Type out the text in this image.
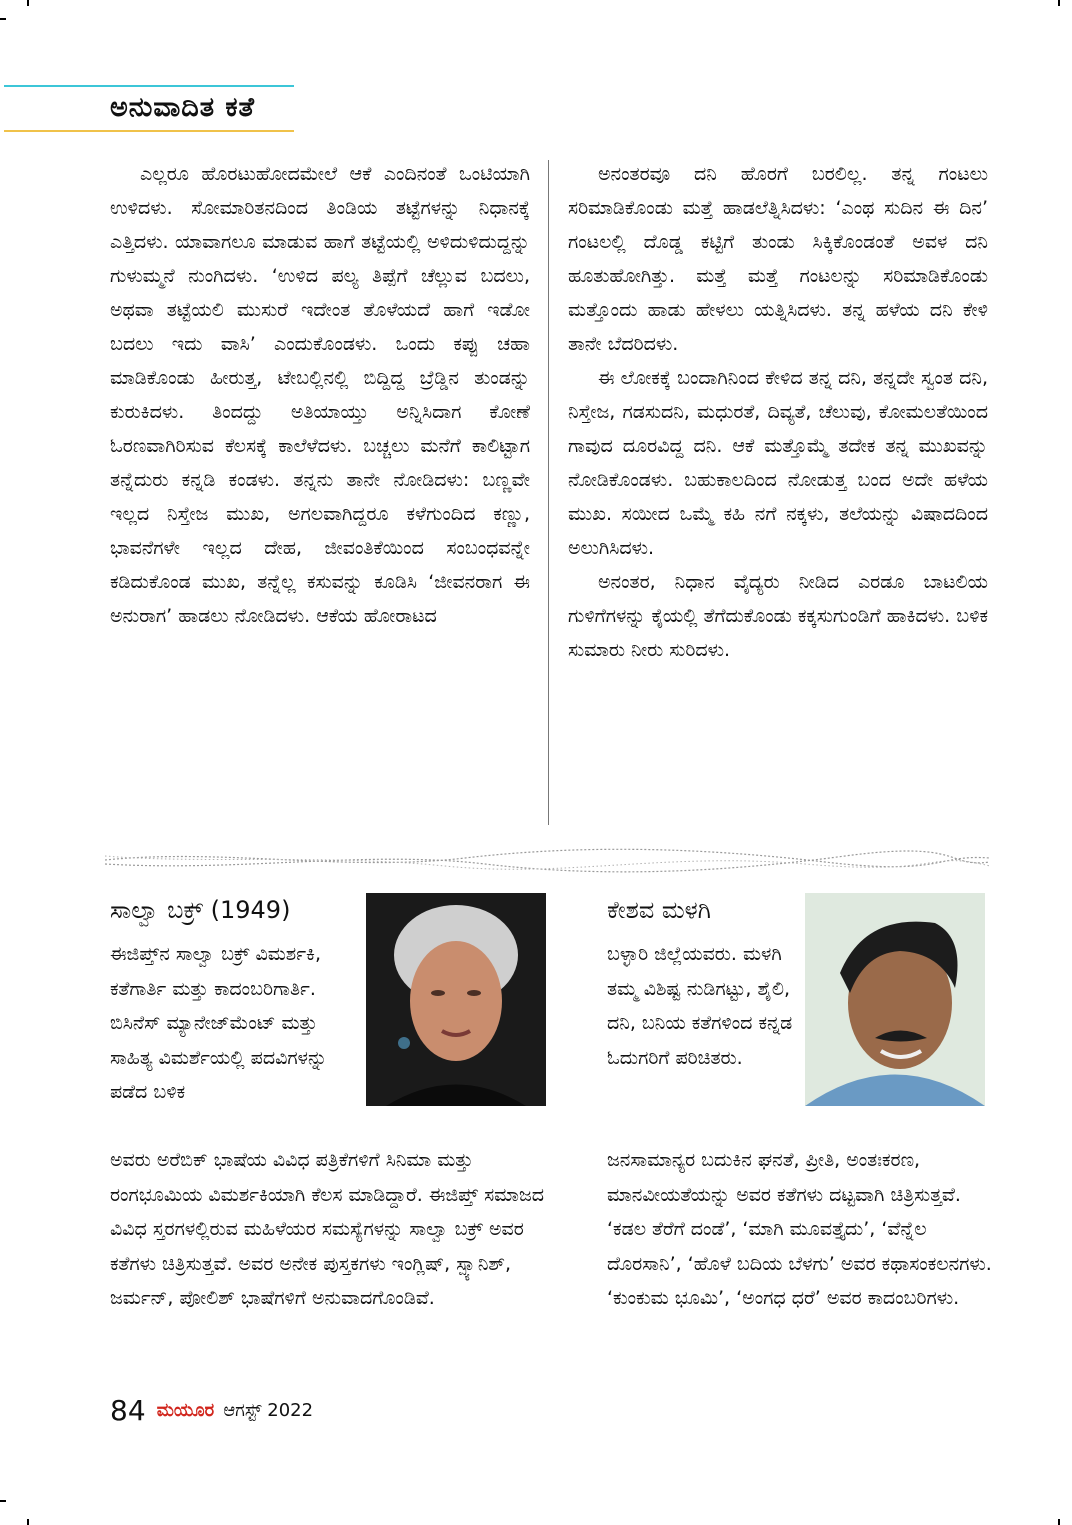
ಅನುವಾದಿತ ಕತೆ

ಎಲ್ಲರೂ ಹೊರಟುಹೋದಮೇಲೆ ಆಕೆ ಎಂದಿನಂತೆ ಒಂಟಿಯಾಗಿ ಉಳಿದಳು. ಸೋಮಾರಿತನದಿಂದ ತಿಂಡಿಯ ತಟ್ಟೆಗಳನ್ನು ನಿಧಾನಕ್ಕೆ ಎತ್ತಿದಳು. ಯಾವಾಗಲೂ ಮಾಡುವ ಹಾಗೆ ತಟ್ಟೆಯಲ್ಲಿ ಅಳಿದುಳಿದುದ್ದನ್ನು ಗುಳುಮ್ಮನೆ ನುಂಗಿದಳು. ‘ಉಳಿದ ಪಲ್ಯ ತಿಪ್ಪೆಗೆ ಚೆಲ್ಲುವ ಬದಲು, ಅಥವಾ ತಟ್ಟೆಯಲಿ ಮುಸುರೆ ಇದೇಂತ ತೊಳೆಯದೆ ಹಾಗೆ ಇಡೋ ಬದಲು ಇದು ವಾಸಿ’ ಎಂದುಕೊಂಡಳು. ಒಂದು ಕಪ್ಪು ಚಹಾ ಮಾಡಿಕೊಂಡು ಹೀರುತ್ತ, ಟೇಬಲ್ಲಿನಲ್ಲಿ ಬಿದ್ದಿದ್ದ ಬ್ರೆಡ್ಡಿನ ತುಂಡನ್ನು ಕುರುಕಿದಳು. ತಿಂದದ್ದು ಅತಿಯಾಯ್ತು ಅನ್ನಿಸಿದಾಗ ಕೋಣೆ ಓರಣವಾಗಿರಿಸುವ ಕೆಲಸಕ್ಕೆ ಕಾಲೆಳೆದಳು. ಬಚ್ಚಲು ಮನೆಗೆ ಕಾಲಿಟ್ಟಾಗ ತನ್ನೆದುರು ಕನ್ನಡಿ ಕಂಡಳು. ತನ್ನನು ತಾನೇ ನೋಡಿದಳು: ಬಣ್ಣವೇ ಇಲ್ಲದ ನಿಸ್ತೇಜ ಮುಖ, ಅಗಲವಾಗಿದ್ದರೂ ಕಳೆಗುಂದಿದ ಕಣ್ಣು, ಭಾವನೆಗಳೇ ಇಲ್ಲದ ದೇಹ, ಜೀವಂತಿಕೆಯಿಂದ ಸಂಬಂಧವನ್ನೇ ಕಡಿದುಕೊಂಡ ಮುಖ, ತನ್ನೆಲ್ಲ ಕಸುವನ್ನು ಕೂಡಿಸಿ ‘ಜೀವನರಾಗ ಈ ಅನುರಾಗ’ ಹಾಡಲು ನೋಡಿದಳು. ಆಕೆಯ ಹೋರಾಟದ

ಅನಂತರವೂ ದನಿ ಹೊರಗೆ ಬರಲಿಲ್ಲ. ತನ್ನ ಗಂಟಲು ಸರಿಮಾಡಿಕೊಂಡು ಮತ್ತೆ ಹಾಡಲೆತ್ನಿಸಿದಳು: ‘ಎಂಥ ಸುದಿನ ಈ ದಿನ’ ಗಂಟಲಲ್ಲಿ ದೊಡ್ಡ ಕಟ್ಟಿಗೆ ತುಂಡು ಸಿಕ್ಕಿಕೊಂಡಂತೆ ಅವಳ ದನಿ ಹೂತುಹೋಗಿತ್ತು. ಮತ್ತೆ ಮತ್ತೆ ಗಂಟಲನ್ನು ಸರಿಮಾಡಿಕೊಂಡು ಮತ್ತೊಂದು ಹಾಡು ಹೇಳಲು ಯತ್ನಿಸಿದಳು. ತನ್ನ ಹಳೆಯ ದನಿ ಕೇಳಿ ತಾನೇ ಬೆದರಿದಳು.

ಈ ಲೋಕಕ್ಕೆ ಬಂದಾಗಿನಿಂದ ಕೇಳಿದ ತನ್ನ ದನಿ, ತನ್ನದೇ ಸ್ವಂತ ದನಿ, ನಿಸ್ತೇಜ, ಗಡಸುದನಿ, ಮಧುರತೆ, ದಿವ್ಯತೆ, ಚೆಲುವು, ಕೋಮಲತೆಯಿಂದ ಗಾವುದ ದೂರವಿದ್ದ ದನಿ. ಆಕೆ ಮತ್ತೊಮ್ಮೆ ತದೇಕ ತನ್ನ ಮುಖವನ್ನು ನೋಡಿಕೊಂಡಳು. ಬಹುಕಾಲದಿಂದ ನೋಡುತ್ತ ಬಂದ ಅದೇ ಹಳೆಯ ಮುಖ. ಸಯೀದ ಒಮ್ಮೆ ಕಹಿ ನಗೆ ನಕ್ಕಳು, ತಲೆಯನ್ನು ವಿಷಾದದಿಂದ ಅಲುಗಿಸಿದಳು.

ಅನಂತರ, ನಿಧಾನ ವೈದ್ಯರು ನೀಡಿದ ಎರಡೂ ಬಾಟಲಿಯ ಗುಳಿಗೆಗಳನ್ನು ಕೈಯಲ್ಲಿ ತೆಗೆದುಕೊಂಡು ಕಕ್ಕಸುಗುಂಡಿಗೆ ಹಾಕಿದಳು. ಬಳಿಕ ಸುಮಾರು ನೀರು ಸುರಿದಳು.

ಸಾಲ್ವಾ ಬಕ್ರ್ (1949)

ಈಜಿಪ್ತ್‌ನ ಸಾಲ್ವಾ ಬಕ್ರ್ ವಿಮರ್ಶಕಿ, ಕತೆಗಾರ್ತಿ ಮತ್ತು ಕಾದಂಬರಿಗಾರ್ತಿ. ಬಿಸಿನೆಸ್ ಮ್ಯಾನೇಜ್‌ಮೆಂಟ್ ಮತ್ತು ಸಾಹಿತ್ಯ ವಿಮರ್ಶೆಯಲ್ಲಿ ಪದವಿಗಳನ್ನು ಪಡೆದ ಬಳಿಕ

ಅವರು ಅರೆಬಿಕ್ ಭಾಷೆಯ ವಿವಿಧ ಪತ್ರಿಕೆಗಳಿಗೆ ಸಿನಿಮಾ ಮತ್ತು ರಂಗಭೂಮಿಯ ವಿಮರ್ಶಕಿಯಾಗಿ ಕೆಲಸ ಮಾಡಿದ್ದಾರೆ. ಈಜಿಪ್ತ್ ಸಮಾಜದ ವಿವಿಧ ಸ್ತರಗಳಲ್ಲಿರುವ ಮಹಿಳೆಯರ ಸಮಸ್ಯೆಗಳನ್ನು ಸಾಲ್ವಾ ಬಕ್ರ್ ಅವರ ಕತೆಗಳು ಚಿತ್ರಿಸುತ್ತವೆ. ಅವರ ಅನೇಕ ಪುಸ್ತಕಗಳು ಇಂಗ್ಲಿಷ್, ಸ್ಪ್ಯಾನಿಶ್, ಜರ್ಮನ್, ಪೋಲಿಶ್ ಭಾಷೆಗಳಿಗೆ ಅನುವಾದಗೊಂಡಿವೆ.

ಕೇಶವ ಮಳಗಿ

ಬಳ್ಳಾರಿ ಜಿಲ್ಲೆಯವರು. ಮಳಗಿ ತಮ್ಮ ವಿಶಿಷ್ಟ ನುಡಿಗಟ್ಟು, ಶೈಲಿ, ದನಿ, ಬನಿಯ ಕತೆಗಳಿಂದ ಕನ್ನಡ ಓದುಗರಿಗೆ ಪರಿಚಿತರು.

ಜನಸಾಮಾನ್ಯರ ಬದುಕಿನ ಘನತೆ, ಪ್ರೀತಿ, ಅಂತಃಕರಣ, ಮಾನವೀಯತೆಯನ್ನು ಅವರ ಕತೆಗಳು ದಟ್ಟವಾಗಿ ಚಿತ್ರಿಸುತ್ತವೆ. ‘ಕಡಲ ತೆರೆಗೆ ದಂಡೆ’, ‘ಮಾಗಿ ಮೂವತ್ತೈದು’, ‘ವೆನ್ನೆಲ ದೊರಸಾನಿ’, ‘ಹೊಳೆ ಬದಿಯ ಬೆಳಗು’ ಅವರ ಕಥಾಸಂಕಲನಗಳು. ‘ಕುಂಕುಮ ಭೂಮಿ’, ‘ಅಂಗಧ ಧರೆ’ ಅವರ ಕಾದಂಬರಿಗಳು.

84 ಮಯೂರ ಆಗಸ್ಟ್ 2022
